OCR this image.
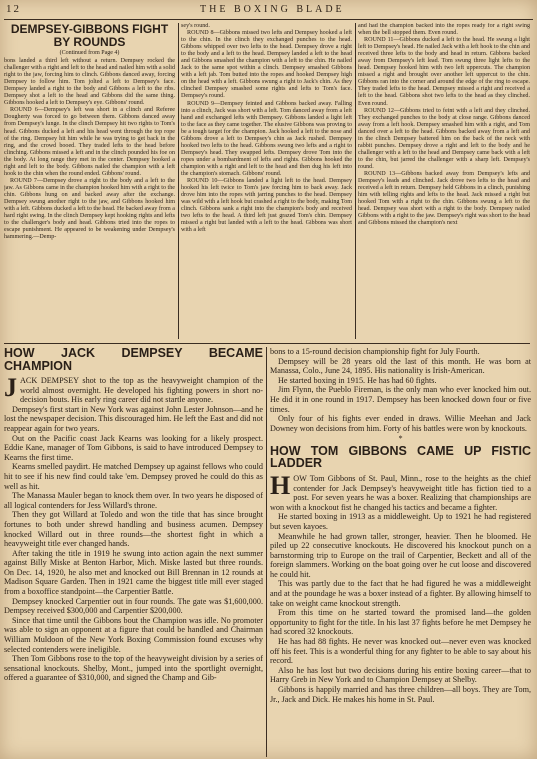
12	THE BOXING BLADE
DEMPSEY-GIBBONS FIGHT BY ROUNDS
(Continued from Page 4)

bons landed a third left without a return. Dempsey rocked the challenger with a right and left to the head and nailed him with a solid right to the jaw, forcing him to clinch. Gibbons danced away, forcing Dempsey to follow him. Tom jolted a left to Dempsey's face. Dempsey landed a right to the body and Gibbons a left to the ribs. Dempsey shot a left to the head and Gibbons did the same thing. Gibbons hooked a left to Dempsey's eye. Gibbons' round.

ROUND 6—Dempsey's left was short in a clinch and Referee Dougherty was forced to go between them. Gibbons danced away from Dempsey's lunge. In the clinch Dempsey hit two rights to Tom's head. Gibbons ducked a left and his head went through the top rope of the ring. Dempsey hit him while he was trying to get back in the ring, and the crowd booed. They traded lefts to the head before clinching. Gibbons missed a left and in the clinch pounded his foe on the body. At long range they met in the center. Dempsey hooked a right and left to the body. Gibbons nailed the champion with a left hook to the chin when the round ended. Gibbons' round.

ROUND 7—Dempsey drove a right to the body and a left to the jaw. As Gibbons came in the champion hooked him with a right to the chin. Gibbons hung on and backed away after the exchange. Dempsey swung another right to the jaw, and Gibbons hooked him with a left. Gibbons ducked a left to the head. He backed away from a hard right swing. In the clinch Dempsey kept hooking rights and lefts to the challenger's body and head. Gibbons tried into the ropes to escape punishment. He appeared to be weakening under Dempsey's hammering.—Demp-

sey's round.

ROUND 8—Gibbons missed two lefts and Dempsey hooked a left to the chin. In the clinch they exchanged punches to the head. Gibbons whipped over two lefts to the head. Dempsey drove a right to the body and a left to the head. Dempsey landed a left to the head and Gibbons smashed the champion with a left to the chin. He nailed Jack to the same spot within a clinch. Dempsey smashed Gibbons with a left jab. Tom butted into the ropes and hooked Dempsey high on the head with a left. Gibbons swung a right to Jack's chin. As they clinched Dempsey smashed some rights and lefts to Tom's face. Dempsey's round.

ROUND 9—Dempsey feinted and Gibbons backed away. Falling into a clinch, Jack was short with a left. Tom danced away from a left hand and exchanged lefts with Dempsey. Gibbons landed a light left to the face as they came together. The elusive Gibbons was proving to be a tough target for the champion. Jack hooked a left to the nose and Gibbons drove a left to Dempsey's chin as Jack rushed. Dempsey hooked two lefts to the head. Gibbons swung two lefts and a right to Dempsey's head. They swapped lefts. Dempsey drove Tom into the ropes under a bombardment of lefts and rights. Gibbons hooked the champion with a right and left to the head and then dug his left into the champion's stomach. Gibbons' round.

ROUND 10—Gibbons landed a light left to the head. Dempsey hooked his left twice to Tom's jaw forcing him to back away. Jack drove him into the ropes with jarring punches to the head. Dempsey was wild with a left hook but crashed a right to the body, making Tom clinch. Gibbons sank a right into the champion's body and received two lefts to the head. A third left just grazed Tom's chin. Dempsey missed a right but landed with a left to the head. Gibbons was short with a left

and had the champion backed into the ropes ready for a right swing when the bell stopped them. Even round.

ROUND 11—Gibbons ducked a left to the head. He swung a light left to Dempsey's head. He nailed Jack with a left hook to the chin and received three lefts to the body and head in return. Gibbons backed away from Dempsey's left lead. Tom swung three light lefts to the head. Dempsey hooked him with two left uppercuts. The champion missed a right and brought over another left uppercut to the chin. Gibbons ran into the corner and around the edge of the ring to escape. They traded lefts to the head. Dempsey missed a right and received a left to the head. Gibbons shot two lefts to the head as they clinched. Even round.

ROUND 12—Gibbons tried to feint with a left and they clinched. They exchanged punches to the body at close range. Gibbons danced away from a left hook. Dempsey smashed him with a right, and Tom danced over a left to the head. Gibbons backed away from a left and in the clinch Dempsey battered him on the back of the neck with rabbit punches. Dempsey drove a right and left to the body and he challenger with a left to the head and Dempsey came back with a left to the chin, but jarred the challenger with a sharp left. Dempsey's round.

ROUND 13—Gibbons backed away from Dempsey's lefts and Dempsey's leads and clinched. Jack drove two lefts to the head and received a left in return. Dempsey held Gibbons in a clinch, punishing him with telling rights and lefts to the head. Jack missed a right but hooked Tom with a right to the chin. Gibbons swung a left to the head. Dempsey was short with a right to the body. Dempsey nailed Gibbons with a right to the jaw. Dempsey's right was short to the head and Gibbons missed the champion's next

HOW JACK DEMPSEY BECAME CHAMPION

JACK DEMPSEY shot to the top as the heavyweight champion of the world almost overnight. He developed his fighting powers in short no-decision bouts. His early ring career did not startle anyone.

Dempsey's first start in New York was against John Lester Johnson—and he lost the newspaper decision. This discouraged him. He left the East and did not reappear again for two years.

Out on the Pacific coast Jack Kearns was looking for a likely prospect. Eddie Kane, manager of Tom Gibbons, is said to have introduced Dempsey to Kearns the first time.

Kearns smelled paydirt. He matched Dempsey up against fellows who could hit to see if his new find could take 'em. Dempsey proved he could do this as well as hit.

The Manassa Mauler began to knock them over. In two years he disposed of all logical contenders for Jess Willard's throne.

Then they got Willard at Toledo and won the title that has since brought fortunes to both under shrewd handling and business acumen. Dempsey knocked Willard out in three rounds—the shortest fight in which a heavyweight title ever changed hands.

After taking the title in 1919 he swung into action again the next summer against Billy Miske at Benton Harbor, Mich. Miske lasted but three rounds. On Dec. 14, 1920, he also met and knocked out Bill Brennan in 12 rounds at Madison Square Garden. Then in 1921 came the biggest title mill ever staged from a boxoffice standpoint—the Carpentier Battle.

Dempsey knocked Carpentier out in four rounds. The gate was $1,600,000. Dempsey received $300,000 and Carpentier $200,000.

Since that time until the Gibbons bout the Champion was idle. No promoter was able to sign an opponent at a figure that could be handled and Chairman William Muldoon of the New York Boxing Commission found excuses why selected contenders were ineligible.

Then Tom Gibbons rose to the top of the heavyweight division by a series of sensational knockouts. Shelby, Mont., jumped into the sportlight overnight, offered a guarantee of $310,000, and signed the Champ and Gib-

bons to a 15-round decision championship fight for July Fourth.

Dempsey will be 28 years old the last of this month. He was born at Manassa, Colo., June 24, 1895. His nationality is Irish-American.

He started boxing in 1915. He has had 60 fights.

Jim Flynn, the Pueblo Fireman, is the only man who ever knocked him out. He did it in one round in 1917. Dempsey has been knocked down four or five times.

Only four of his fights ever ended in draws. Willie Meehan and Jack Downey won decisions from him. Forty of his battles were won by knockouts.

*
HOW TOM GIBBONS CAME UP FISTIC LADDER

HOW Tom Gibbons of St. Paul, Minn., rose to the heights as the chief contender for Jack Dempsey's heavyweight title has fiction tied to a post. For seven years he was a boxer. Realizing that championships are won with a knockout fist he changed his tactics and became a fighter.

He started boxing in 1913 as a middleweight. Up to 1921 he had registered but seven kayoes.

Meanwhile he had grown taller, stronger, heavier. Then he bloomed. He piled up 22 consecutive knockouts. He discovered his knockout punch on a barnstorming trip to Europe on the trail of Carpentier, Beckett and all of the foreign slammers. Working on the boat going over he cut loose and discovered he could hit.

This was partly due to the fact that he had figured he was a middleweight and at the poundage he was a boxer instead of a fighter. By allowing himself to take on weight came knockout strength.

From this time on he started toward the promised land—the golden opportunity to fight for the title. In his last 37 fights before he met Dempsey he had scored 32 knockouts.

He has had 88 fights. He never was knocked out—never even was knocked off his feet. This is a wonderful thing for any fighter to be able to say about his record.

Also he has lost but two decisions during his entire boxing career—that to Harry Greb in New York and to Champion Dempsey at Shelby.

Gibbons is happily married and has three children—all boys. They are Tom, Jr., Jack and Dick. He makes his home in St. Paul.
